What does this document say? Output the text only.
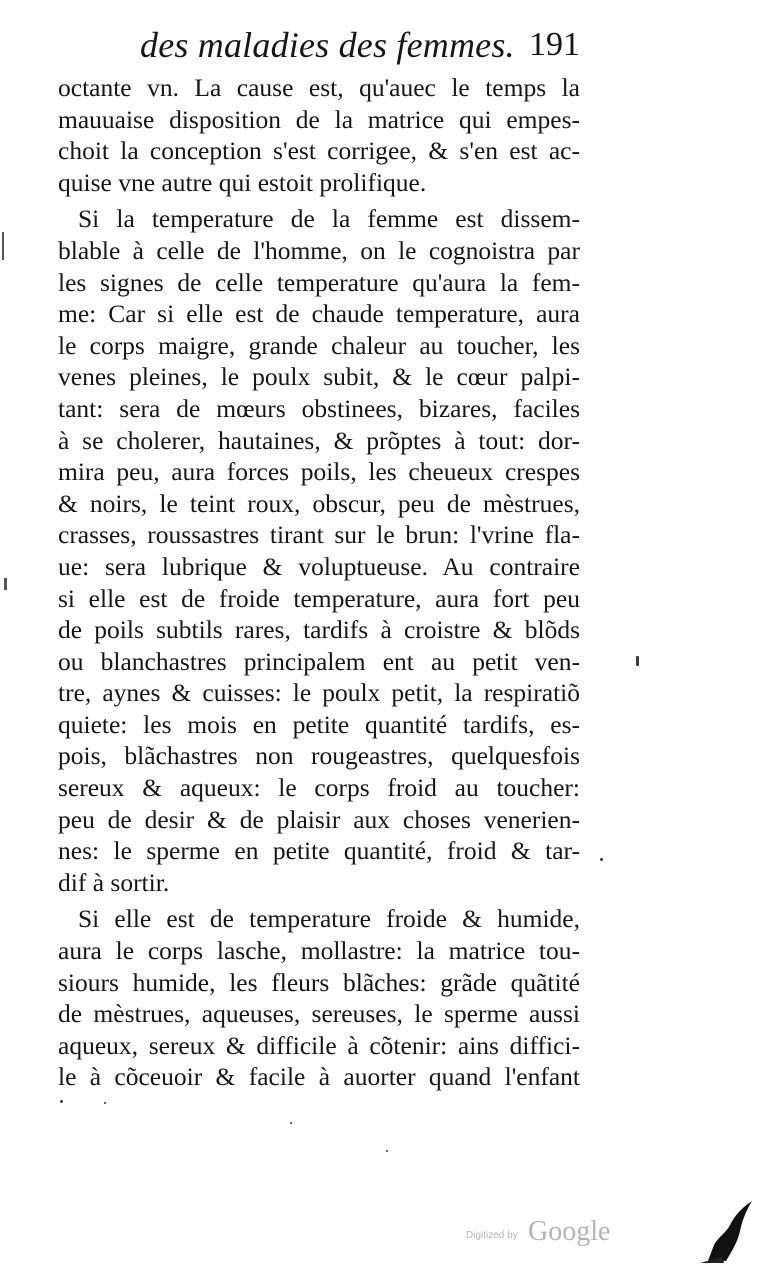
des maladies des femmes. 191
octante vn. La cause est, qu'auec le temps la
mauuaise disposition de la matrice qui empes-
choit la conception s'est corrigee, & s'en est ac-
quise vne autre qui estoit prolifique.
Si la temperature de la femme est dissem-
blable à celle de l'homme, on le cognoistra par
les signes de celle temperature qu'aura la fem-
me: Car si elle est de chaude temperature, aura
le corps maigre, grande chaleur au toucher, les
venes pleines, le poulx subit, & le cœur palpi-
tant: sera de mœurs obstinees, bizares, faciles
à se cholerer, hautaines, & prõptes à tout: dor-
mira peu, aura forces poils, les cheueux crespes
& noirs, le teint roux, obscur, peu de mèstrues,
crasses, roussastres tirant sur le brun: l'vrine fla-
ue: sera lubrique & voluptueuse. Au contraire
si elle est de froide temperature, aura fort peu
de poils subtils rares, tardifs à croistre & blõds
ou blanchastres principalem ent au petit ven-
tre, aynes & cuisses: le poulx petit, la respiratiõ
quiete: les mois en petite quantité tardifs, es-
pois, blãchastres non rougeastres, quelquesfois
sereux & aqueux: le corps froid au toucher:
peu de desir & de plaisir aux choses venerien-
nes: le sperme en petite quantité, froid & tar-
dif à sortir.
Si elle est de temperature froide & humide,
aura le corps lasche, mollastre: la matrice tou-
siours humide, les fleurs blãches: grãde quãtité
de mèstrues, aqueuses, sereuses, le sperme aussi
aqueux, sereux & difficile à cõtenir: ains diffici-
le à cõceuoir & facile à auorter quand l'enfant
Digitized by Google
